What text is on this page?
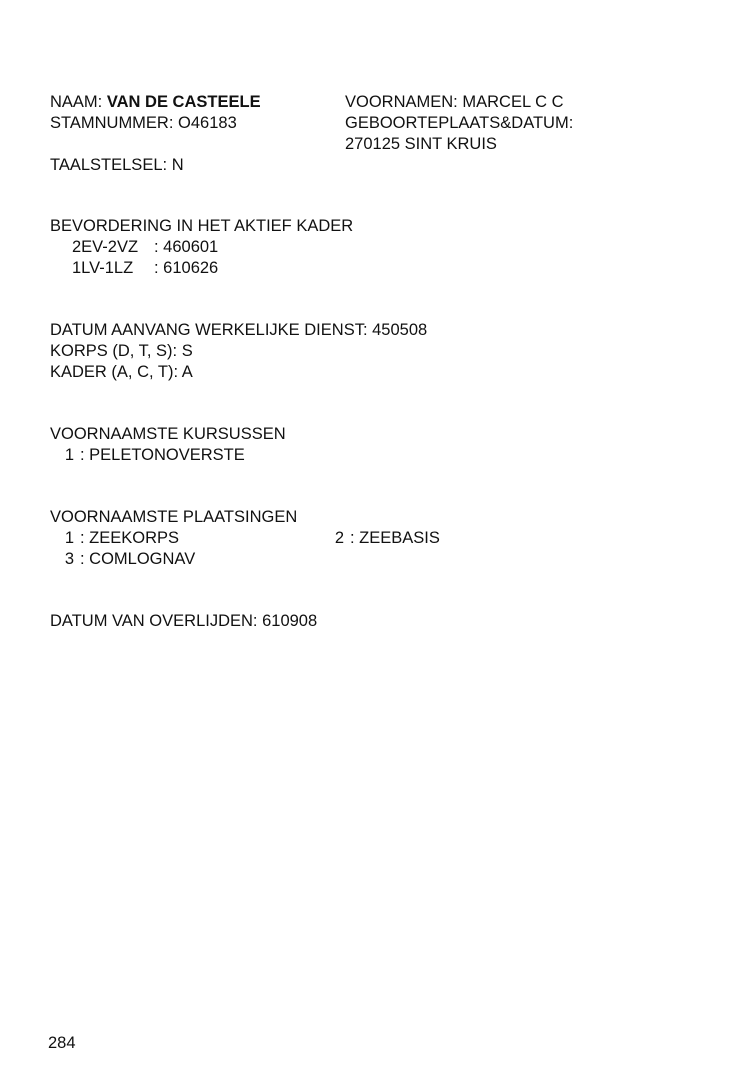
NAAM: VAN DE CASTEELE
STAMNUMMER: O46183
TAALSTELSEL: N
VOORNAMEN: MARCEL C C
GEBOORTEPLAATS&DATUM:
270125 SINT KRUIS
BEVORDERING IN HET AKTIEF KADER
2EV-2VZ : 460601
1LV-1LZ : 610626
DATUM AANVANG WERKELIJKE DIENST: 450508
KORPS (D, T, S): S
KADER (A, C, T): A
VOORNAAMSTE KURSUSSEN
1 : PELETONOVERSTE
VOORNAAMSTE PLAATSINGEN
1 : ZEEKORPS
3 : COMLOGNAV
2 : ZEEBASIS
DATUM VAN OVERLIJDEN: 610908
284
